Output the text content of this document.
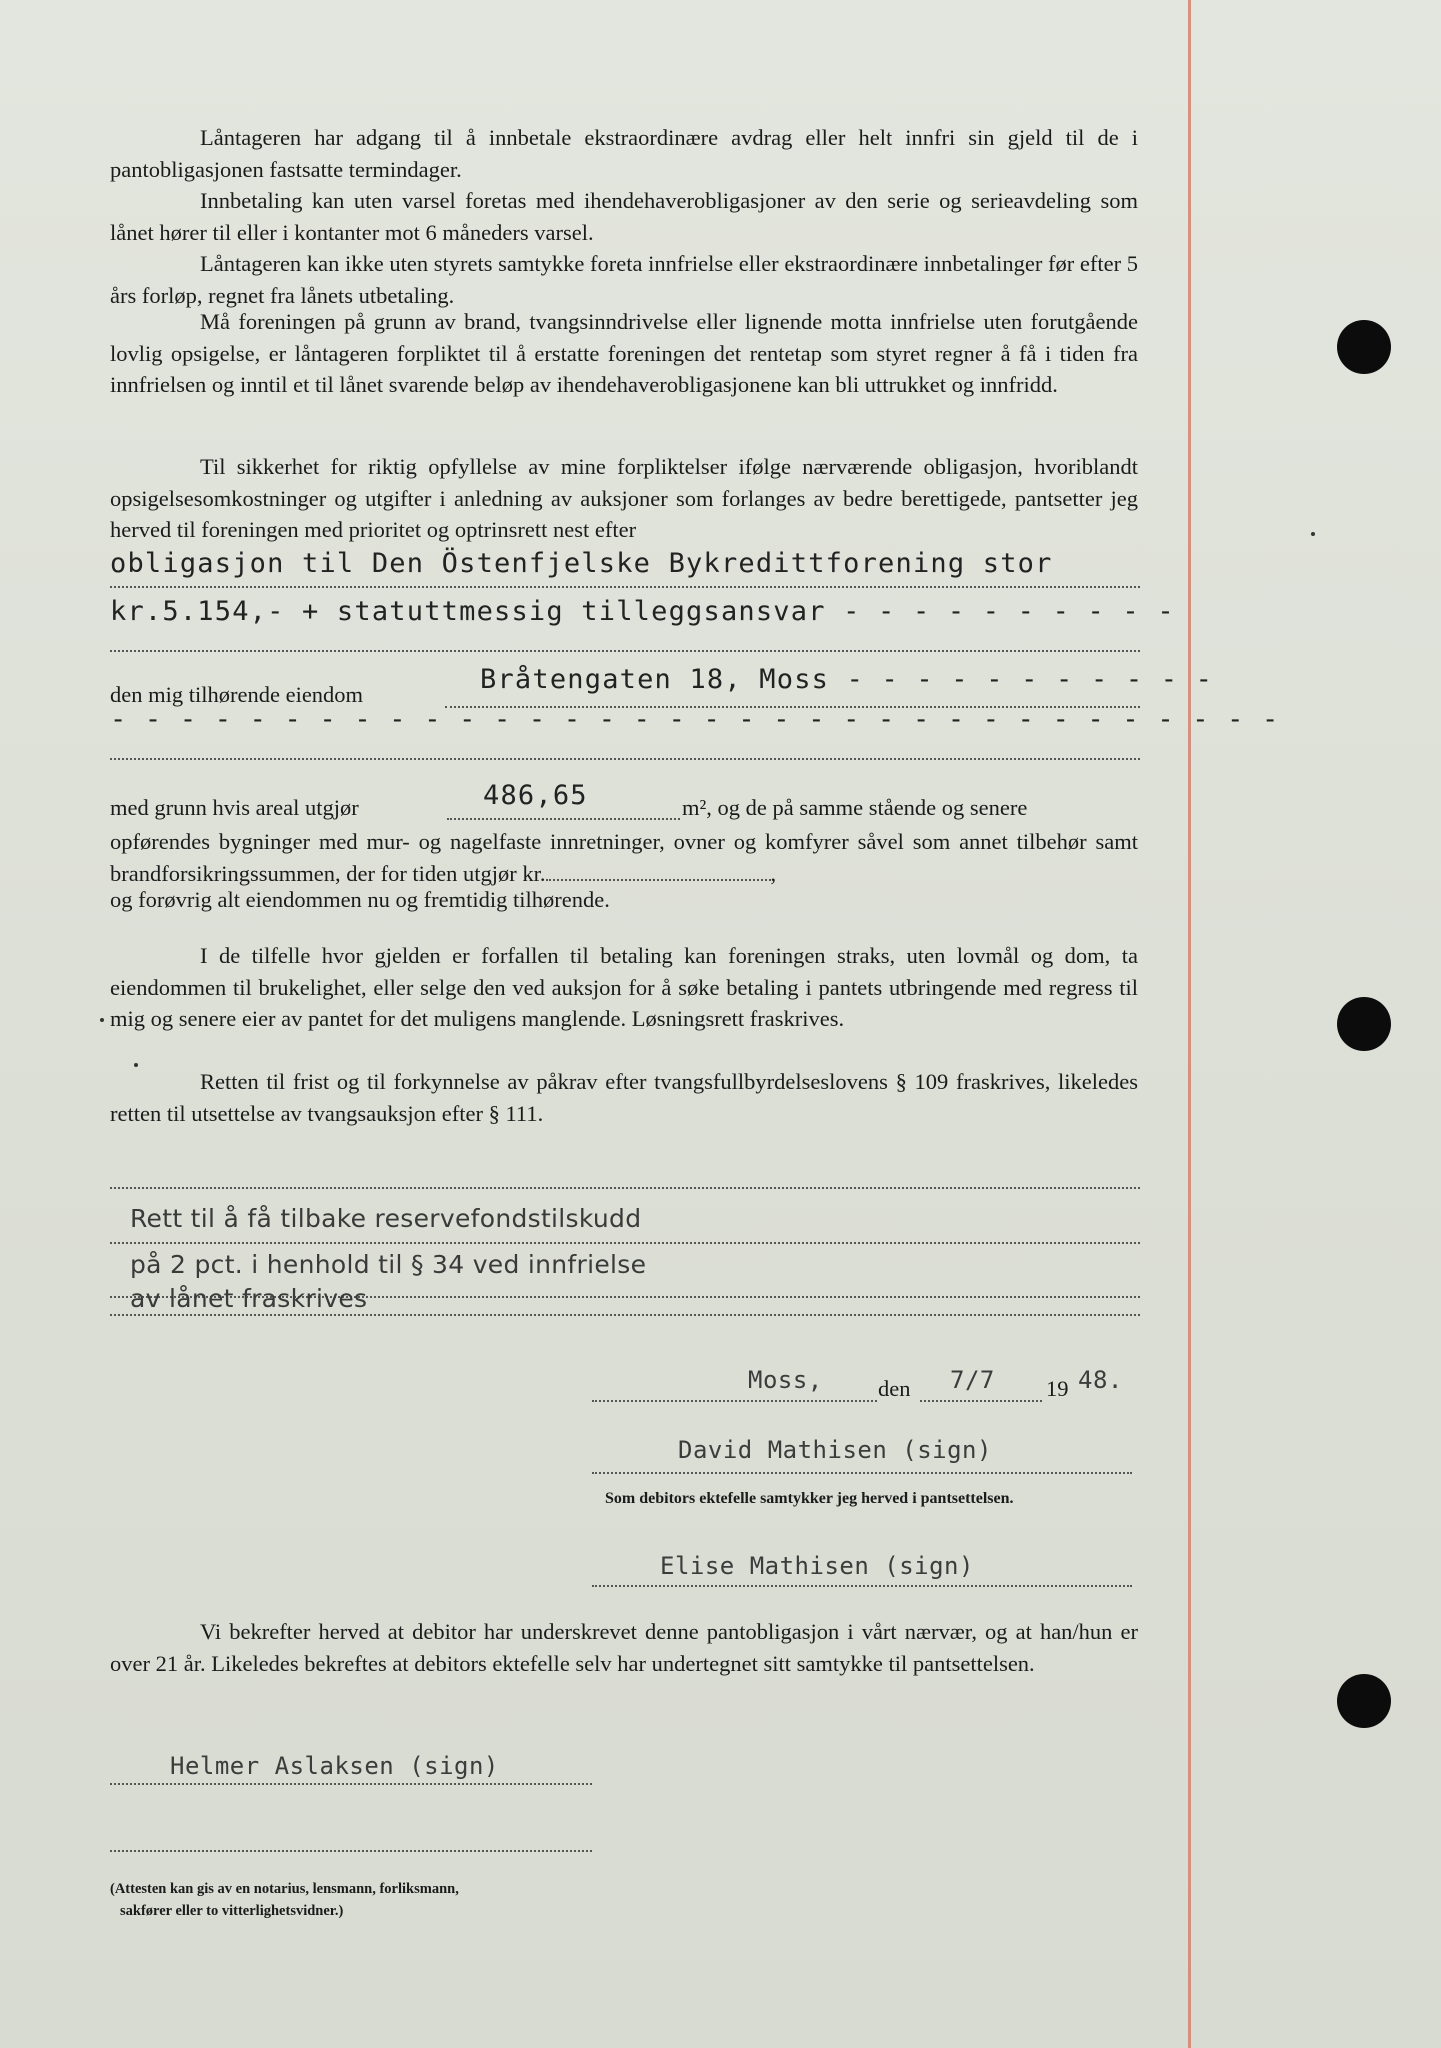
Låntageren har adgang til å innbetale ekstraordinære avdrag eller helt innfri sin gjeld til de i pantobligasjonen fastsatte termindager.

Innbetaling kan uten varsel foretas med ihendehaverobligasjoner av den serie og serieavdeling som lånet hører til eller i kontanter mot 6 måneders varsel.

Låntageren kan ikke uten styrets samtykke foreta innfrielse eller ekstraordinære innbetalinger før efter 5 års forløp, regnet fra lånets utbetaling.

Må foreningen på grunn av brand, tvangsinndrivelse eller lignende motta innfrielse uten forutgående lovlig opsigelse, er låntageren forpliktet til å erstatte foreningen det rentetap som styret regner å få i tiden fra innfrielsen og inntil et til lånet svarende beløp av ihendehaverobligasjonene kan bli uttrukket og innfridd.

Til sikkerhet for riktig opfyllelse av mine forpliktelser ifølge nærværende obligasjon, hvoriblandt opsigelsesomkostninger og utgifter i anledning av auksjoner som forlanges av bedre berettigede, pantsetter jeg herved til foreningen med prioritet og optrinsrett nest efter

obligasjon til Den Östenfjelske Bykredittforening stor
kr.5.154,- + statuttmessig tilleggsansvar - - - - - - - - - -
den mig tilhørende eiendom	Bråtengaten 18, Moss - - - - - - - - - - -
- - - - - - - - - - - - - - - - - - - - - - - - - - - - - - - - - -
med grunn hvis areal utgjør	486,65	m², og de på samme stående og senere

opførendes bygninger med mur- og nagelfaste innretninger, ovner og komfyrer såvel som annet tilbehør samt brandforsikringssummen, der for tiden utgjør kr.	,

og forøvrig alt eiendommen nu og fremtidig tilhørende.

I de tilfelle hvor gjelden er forfallen til betaling kan foreningen straks, uten lovmål og dom, ta eiendommen til brukelighet, eller selge den ved auksjon for å søke betaling i pantets utbringende med regress til mig og senere eier av pantet for det muligens manglende. Løsningsrett fraskrives.

Retten til frist og til forkynnelse av påkrav efter tvangsfullbyrdelseslovens § 109 fraskrives, likeledes retten til utsettelse av tvangsauksjon efter § 111.

Rett til å få tilbake reservefondstilskudd
på 2 pct. i henhold til § 34 ved innfrielse
av lånet fraskrives
Moss, den 7/7 19 48.
David Mathisen (sign)
Som debitors ektefelle samtykker jeg herved i pantsettelsen.
Elise Mathisen (sign)

Vi bekrefter herved at debitor har underskrevet denne pantobligasjon i vårt nærvær, og at han/hun er over 21 år. Likeledes bekreftes at debitors ektefelle selv har undertegnet sitt samtykke til pantsettelsen.

Helmer Aslaksen (sign)
(Attesten kan gis av en notarius, lensmann, forliksmann,
sakfører eller to vitterlighetsvidner.)
